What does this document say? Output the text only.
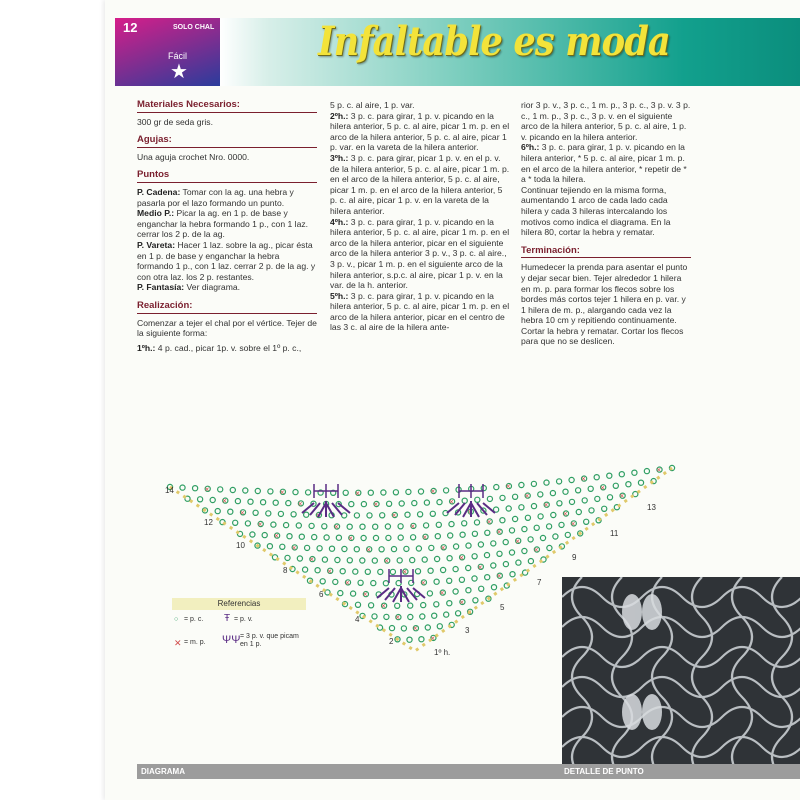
12	SOLO CHAL
Fácil
★
Infaltable es moda
Materiales Necesarios:

300 gr de seda gris.

Agujas:

Una aguja crochet Nro. 0000.

Puntos
P. Cadena: Tomar con la ag. una hebra y pasarla por el lazo formando un punto.
Medio P.: Picar la ag. en 1 p. de base y enganchar la hebra formando 1 p., con 1 laz. cerrar los 2 p. de la ag.
P. Vareta: Hacer 1 laz. sobre la ag., picar ésta en 1 p. de base y enganchar la hebra formando 1 p., con 1 laz. cerrar 2 p. de la ag. y con otra laz. los 2 p. restantes.
P. Fantasía: Ver diagrama.
Realización:

Comenzar a tejer el chal por el vértice. Tejer de la siguiente forma:

1ºh.: 4 p. cad., picar 1p. v. sobre el 1º p. c.,

5 p. c. al aire, 1 p. var.
2ºh.: 3 p. c. para girar, 1 p. v. picando en la hilera anterior, 5 p. c. al aire, picar 1 m. p. en el arco de la hilera anterior, 5 p. c. al aire, picar 1 p. var. en la vareta de la hilera anterior.
3ºh.: 3 p. c. para girar, picar 1 p. v. en el p. v. de la hilera anterior, 5 p. c. al aire, picar 1 m. p. en el arco de la hilera anterior, 5 p. c. al aire, picar 1 m. p. en el arco de la hilera anterior, 5 p. c. al aire, picar 1 p. v. en la vareta de la hilera anterior.
4ºh.: 3 p. c. para girar, 1 p. v. picando en la hilera anterior, 5 p. c. al aire, picar 1 m. p. en el arco de la hilera anterior, picar en el siguiente arco de la hilera anterior 3 p. v., 3 p. c. al aire., 3 p. v., picar 1 m. p. en el siguiente arco de la hilera anterior, s.p.c. al aire, picar 1 p. v. en la var. de la h. anterior.
5ºh.: 3 p. c. para girar, 1 p. v. picando en la hilera anterior, 5 p. c. al aire, picar 1 m. p. en el arco de la hilera anterior, picar en el centro de las 3 c. al aire de la hilera ante-
rior 3 p. v., 3 p. c., 1 m. p., 3 p. c., 3 p. v. 3 p. c., 1 m. p., 3 p. c., 3 p. v. en el siguiente arco de la hilera anterior, 5 p. c. al aire, 1 p. v. picando en la hilera anterior.
6ºh.: 3 p. c. para girar, 1 p. v. picando en la hilera anterior, * 5 p. c. al aire, picar 1 m. p. en el arco de la hilera anterior, * repetir de * a * toda la hilera.

Continuar tejiendo en la misma forma, aumentando 1 arco de cada lado cada hilera y cada 3 hileras intercalando los motivos como indica el diagrama. En la hilera 80, cortar la hebra y rematar.

Terminación:

Humedecer la prenda para asentar el punto y dejar secar bien. Tejer alrededor 1 hilera en m. p. para formar los flecos sobre los bordes más cortos tejer 1 hilera en p. var. y 1 hilera de m. p., alargando cada vez la hebra 10 cm y repitiendo continuamente. Cortar la hebra y rematar. Cortar los flecos para que no se deslicen.

×
×
×
×
×	×
×	×
×	×
×
×	×
×
×	×	×
×
×	×	×
×
×	×	×
×
×
×	×	×	×
×
×	×	×	×
×
×
×	×	×	×
×
×
×	×	×	×
×
×
×
14
13
12
11
10
9
8
7
6
5
4
3
2
1º h.
Referencias
○ = p. c. Ŧ = p. v.
✕ = m. p. ΨΨ = 3 p. v. que picam en 1 p.
DIAGRAMA	DETALLE DE PUNTO
